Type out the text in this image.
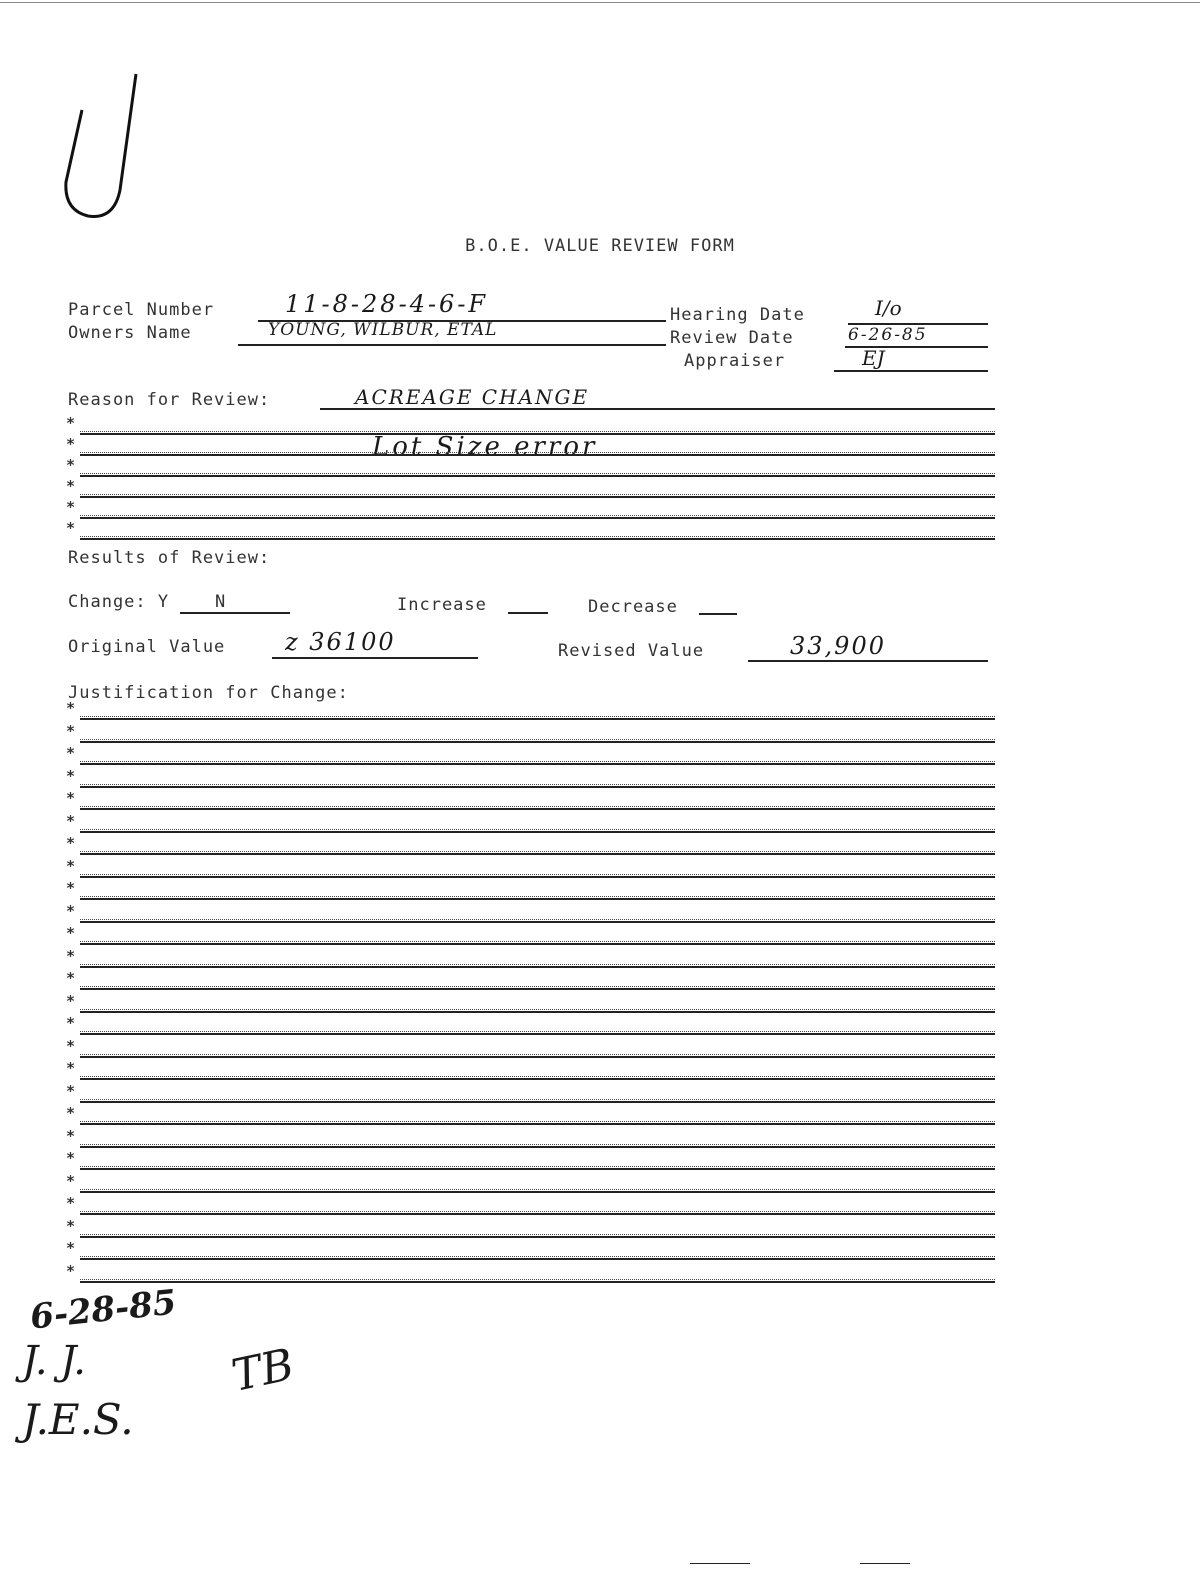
B.O.E. VALUE REVIEW FORM
Parcel Number	11-8-28-4-6-F
Owners Name	YOUNG, WILBUR, ETAL
Hearing Date	I/o
Review Date	6-26-85
Appraiser	EJ
Reason for Review:	ACREAGE CHANGE
Lot Size error
*
*
*
*
*
*
Results of Review:
Change: Y	N	Increase	Decrease
Original Value z 36100	Revised Value	33,900
Justification for Change:
*
*
*
*
*
*
*
*
*
*
*
*
*
*
*
*
*
*
*
*
*
*
*
*
*
*
6-28-85
J. J.
J.E.S.
TB
